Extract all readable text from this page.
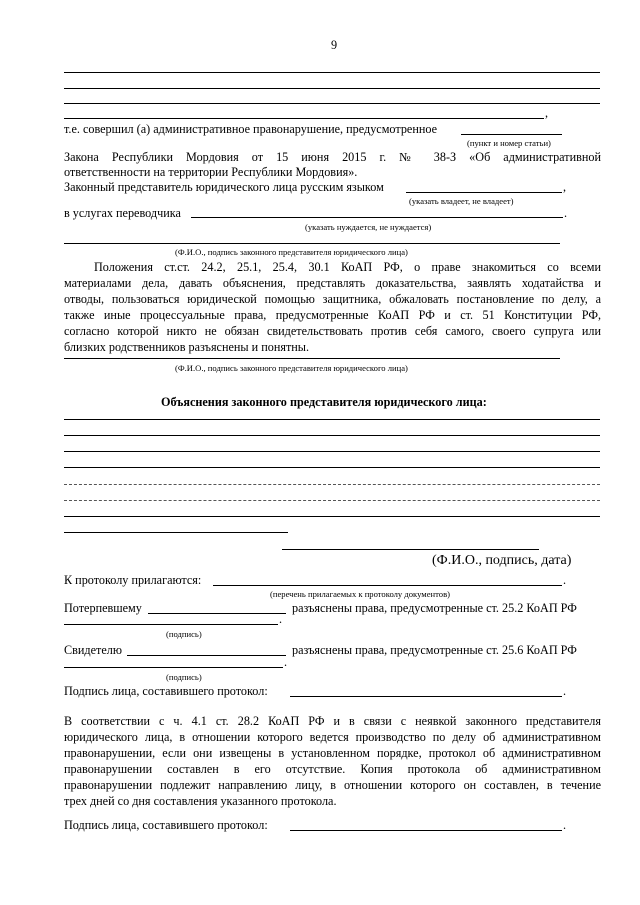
9
,
т.е. совершил (а) административное правонарушение, предусмотренное
(пункт и номер статьи)
Закона Республики Мордовия от 15 июня 2015 г. № 38-З «Об административной
ответственности на территории Республики Мордовия».
Законный представитель юридического лица русским языком	,
(указать владеет, не владеет)
в услугах переводчика	.
(указать нуждается, не нуждается)
(Ф.И.О., подпись законного представителя юридического лица)
Положения ст.ст. 24.2, 25.1, 25.4, 30.1 КоАП РФ, о праве знакомиться со всеми
материалами дела, давать объяснения, представлять доказательства, заявлять ходатайства и
отводы, пользоваться юридической помощью защитника, обжаловать постановление по делу, а
также иные процессуальные права, предусмотренные КоАП РФ и ст. 51 Конституции РФ,
согласно которой никто не обязан свидетельствовать против себя самого, своего супруга или
близких родственников разъяснены и понятны.
(Ф.И.О., подпись законного представителя юридического лица)
Объяснения законного представителя юридического лица:
(Ф.И.О., подпись, дата)
К протоколу прилагаются:	.
(перечень прилагаемых к протоколу документов)
Потерпевшему	разъяснены права, предусмотренные ст. 25.2 КоАП РФ
.
(подпись)
Свидетелю	разъяснены права, предусмотренные ст. 25.6 КоАП РФ
.
(подпись)
Подпись лица, составившего протокол:	.
В соответствии с ч. 4.1 ст. 28.2 КоАП РФ и в связи с неявкой законного представителя
юридического лица, в отношении которого ведется производство по делу об административном
правонарушении, если они извещены в установленном порядке, протокол об административном
правонарушении составлен в его отсутствие. Копия протокола об административном
правонарушении подлежит направлению лицу, в отношении которого он составлен, в течение
трех дней со дня составления указанного протокола.
Подпись лица, составившего протокол:	.
